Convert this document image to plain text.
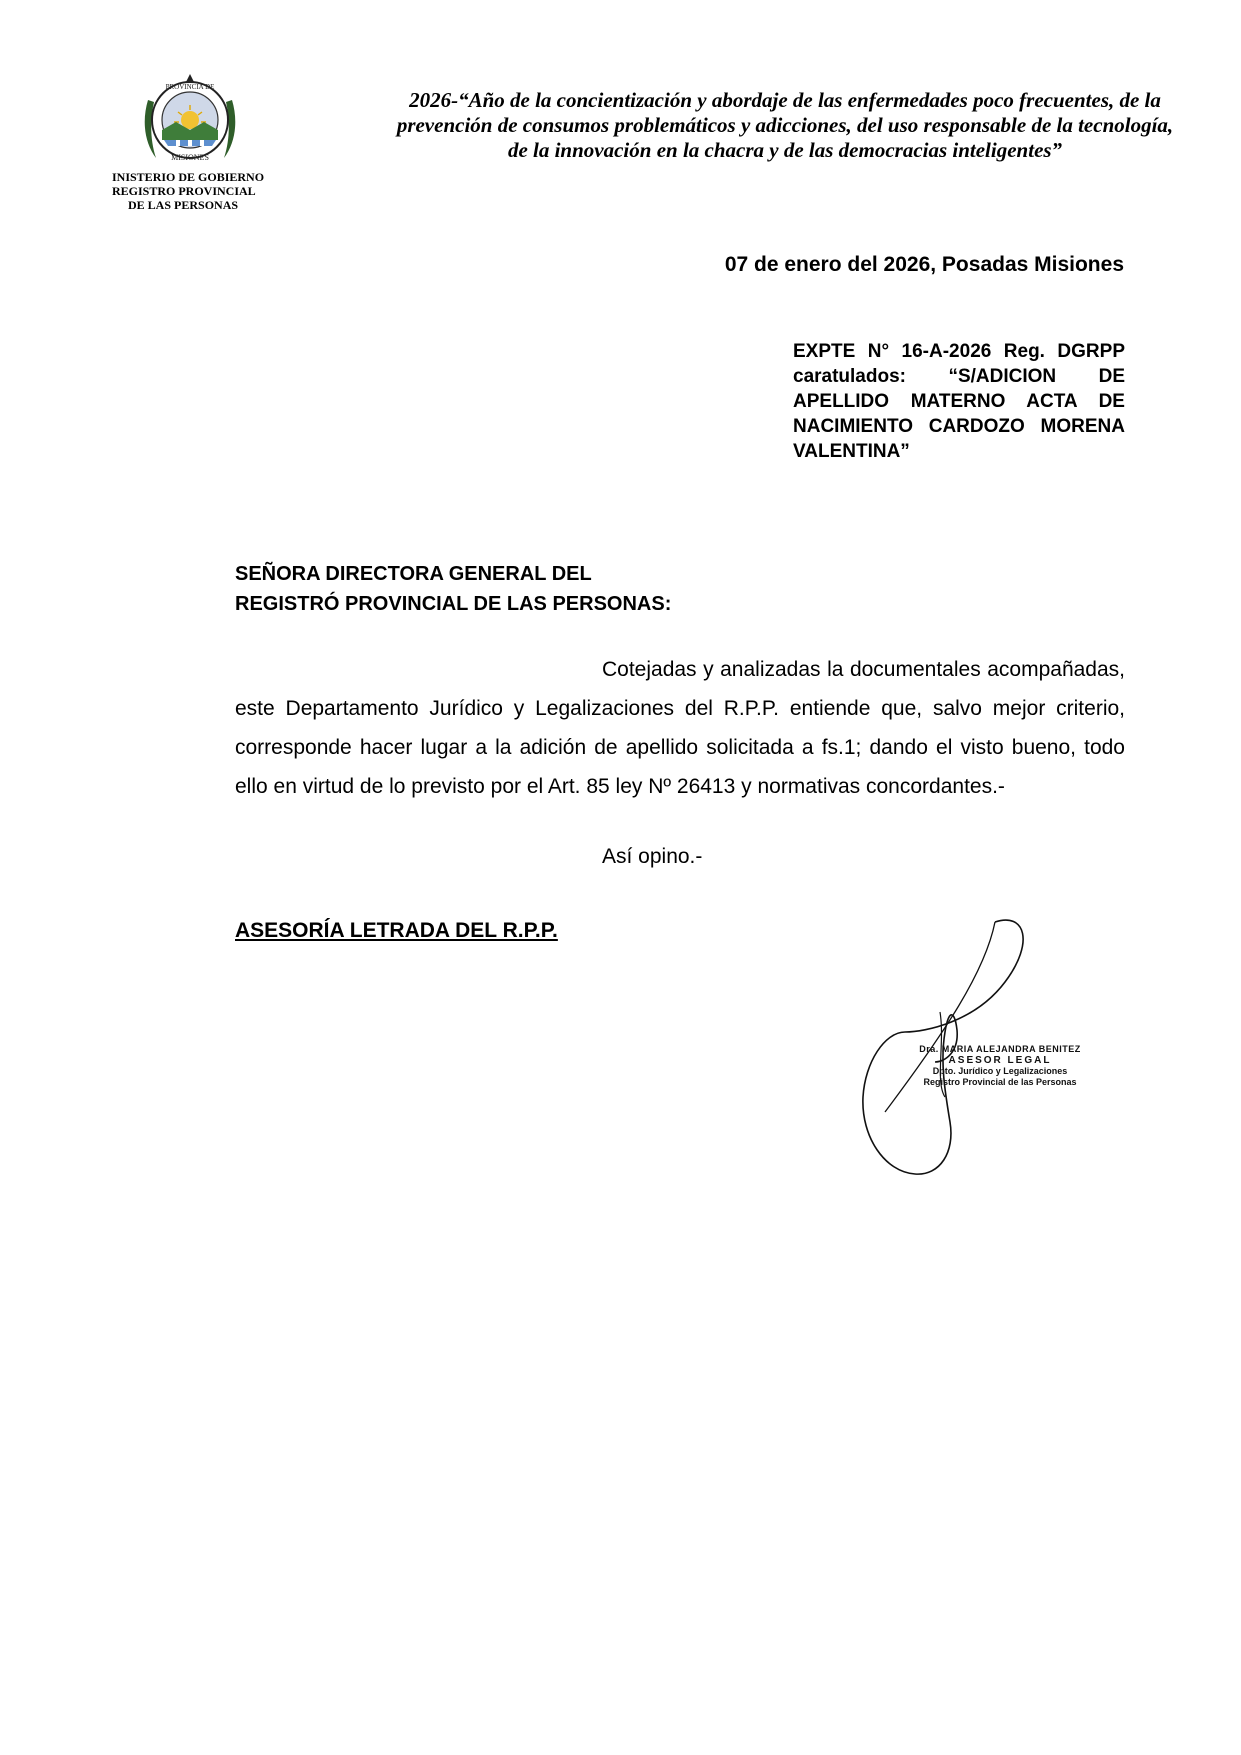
PROVINCIA DE
MISIONES
INISTERIO DE GOBIERNO
REGISTRO PROVINCIAL
DE LAS PERSONAS
2026-“Año de la concientización y abordaje de las enfermedades poco frecuentes, de la prevención de consumos problemáticos y adicciones, del uso responsable de la tecnología, de la innovación en la chacra y de las democracias inteligentes”
07 de enero del 2026, Posadas Misiones
EXPTE N° 16-A-2026 Reg. DGRPP caratulados: “S/ADICION DE APELLIDO MATERNO ACTA DE NACIMIENTO CARDOZO MORENA VALENTINA”
SEÑORA DIRECTORA GENERAL DEL
REGISTRÓ PROVINCIAL DE LAS PERSONAS:
Cotejadas y analizadas la documentales acompañadas, este Departamento Jurídico y Legalizaciones del R.P.P. entiende que, salvo mejor criterio, corresponde hacer lugar a la adición de apellido solicitada a fs.1; dando el visto bueno, todo ello en virtud de lo previsto por el Art. 85 ley Nº 26413 y normativas concordantes.-
Así opino.-
ASESORÍA LETRADA DEL R.P.P.
Dra. MARIA ALEJANDRA BENITEZ
ASESOR LEGAL
Dpto. Jurídico y Legalizaciones
Registro Provincial de las Personas
